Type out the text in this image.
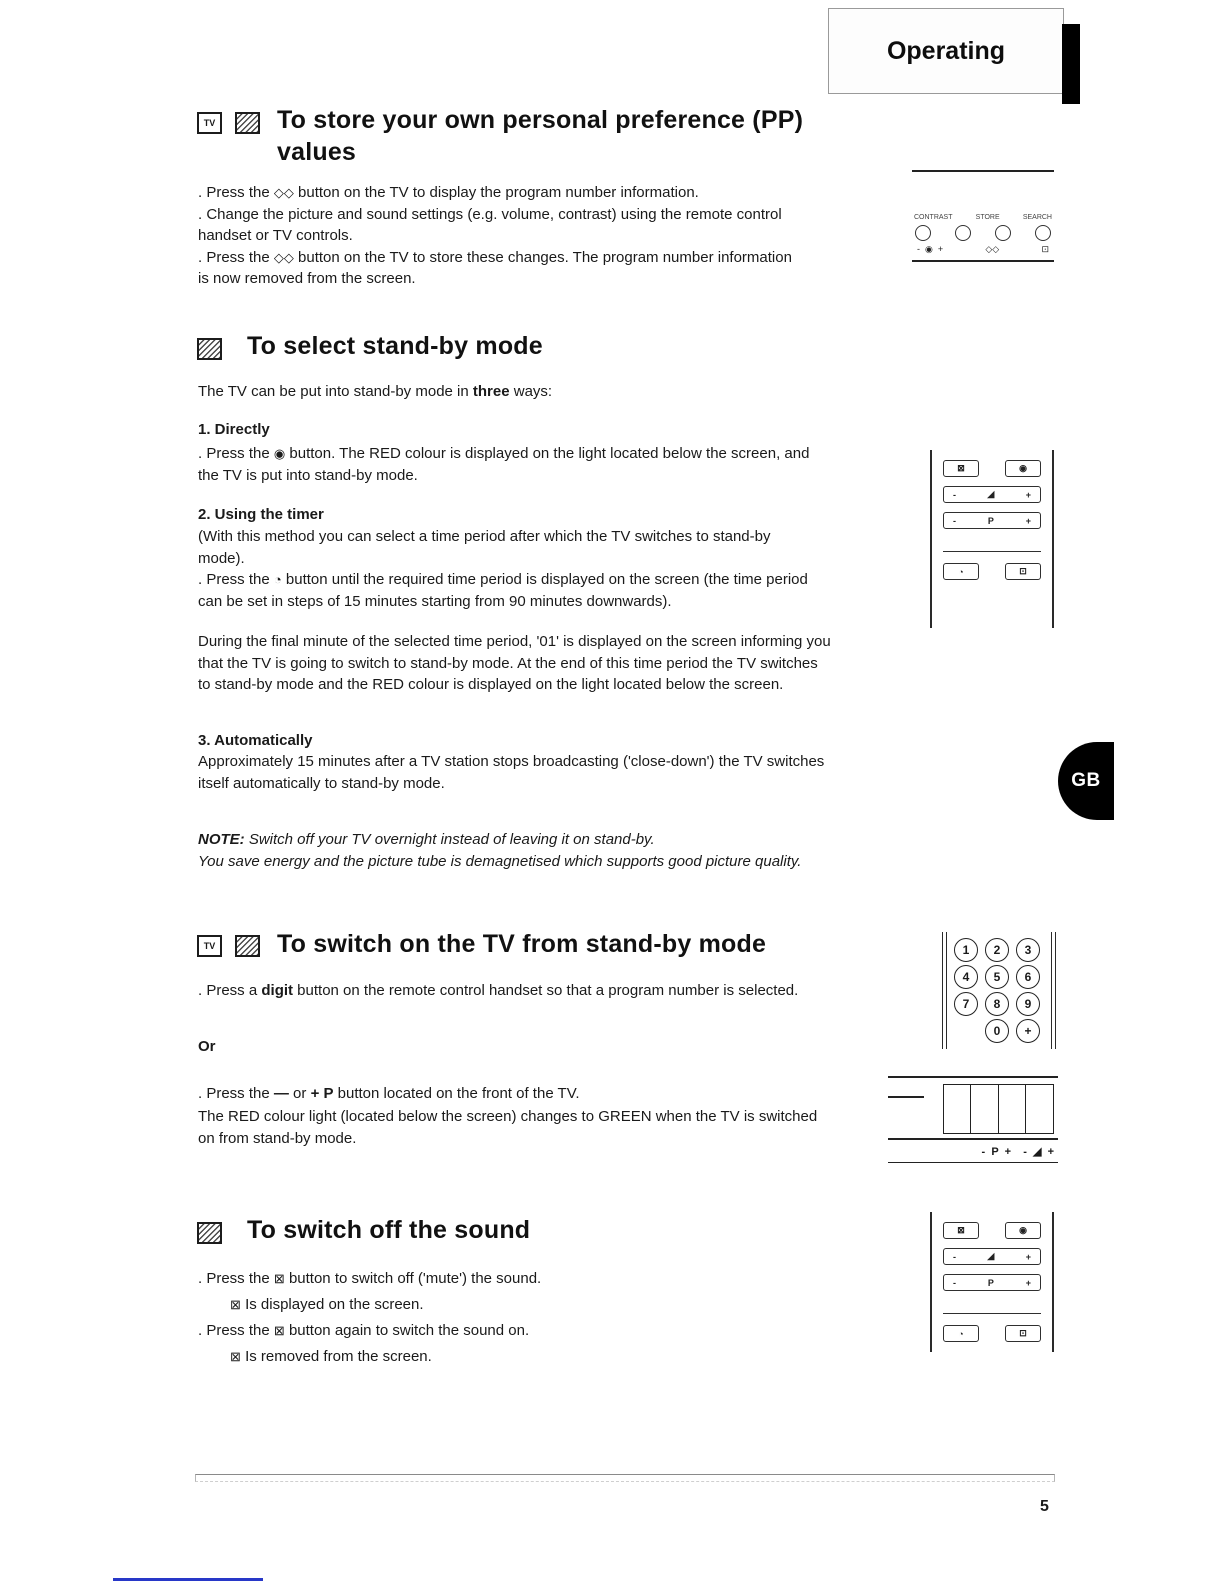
Operating
TV To store your own personal preference (PP)
values

. Press the ◇◇ button on the TV to display the program number information.

. Change the picture and sound settings (e.g. volume, contrast) using the remote control handset or TV controls.

. Press the ◇◇ button on the TV to store these changes. The program number information is now removed from the screen.

CONTRAST	STORE	SEARCH
-  ◉  +	◇◇	⊡
To select stand-by mode

The TV can be put into stand-by mode in three ways:

1. Directly

. Press the ◉ button. The RED colour is displayed on the light located below the screen, and the TV is put into stand-by mode.

2. Using the timer

(With this method you can select a time period after which the TV switches to stand-by mode).

. Press the ◔ button until the required time period is displayed on the screen (the time period can be set in steps of 15 minutes starting from 90 minutes downwards).

During the final minute of the selected time period, '01' is displayed on the screen informing you that the TV is going to switch to stand-by mode. At the end of this time period the TV switches to stand-by mode and the RED colour is displayed on the light located below the screen.

3. Automatically

Approximately 15 minutes after a TV station stops broadcasting ('close-down') the TV switches itself automatically to stand-by mode.

NOTE: Switch off your TV overnight instead of leaving it on stand-by.
You save energy and the picture tube is demagnetised which supports good picture quality.
⊠	◉
-	◢	+
-	P	+
◔	⊡
GB
TV To switch on the TV from stand-by mode

. Press a digit button on the remote control handset so that a program number is selected.

Or

. Press the — or + P button located on the front of the TV.

The RED colour light (located below the screen) changes to GREEN when the TV is switched on from stand-by mode.

1	2	3
4	5	6
7	8	9
0	+
-  P  +    -  ◢  +
To switch off the sound

. Press the ⊠ button to switch off ('mute') the sound.

⊠ Is displayed on the screen.

. Press the ⊠ button again to switch the sound on.

⊠ Is removed from the screen.

⊠	◉
-	◢	+
-	P	+
◔	⊡
5
